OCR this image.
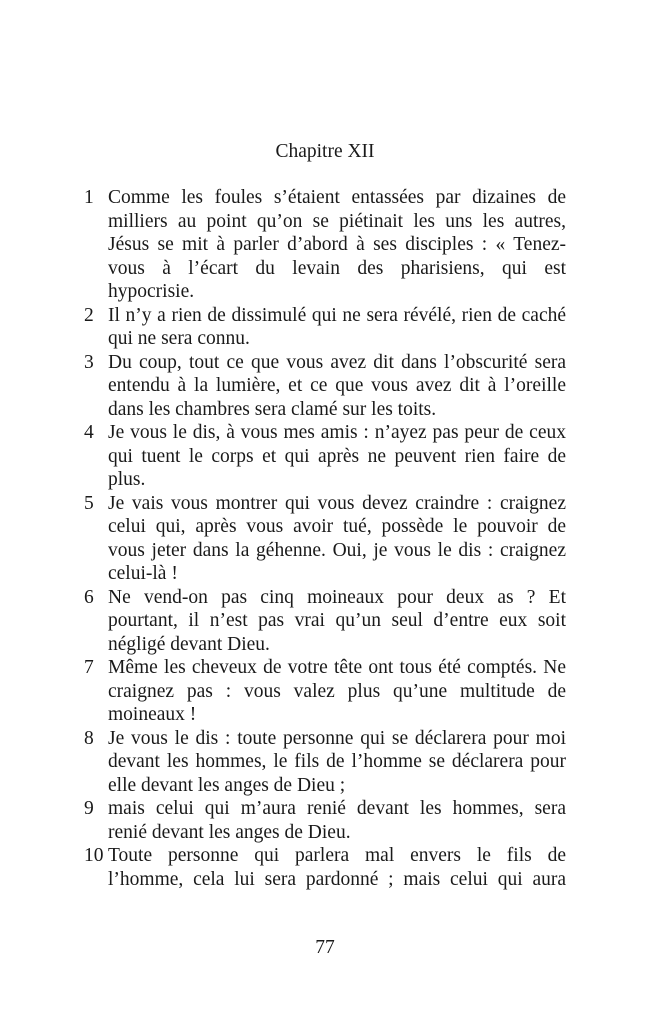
Chapitre XII
1 Comme les foules s’étaient entassées par dizaines de
milliers au point qu’on se piétinait les uns les autres,
Jésus se mit à parler d’abord à ses disciples : « Tenez-
vous à l’écart du levain des pharisiens, qui est
hypocrisie.
2 Il n’y a rien de dissimulé qui ne sera révélé, rien de caché
qui ne sera connu.
3 Du coup, tout ce que vous avez dit dans l’obscurité sera
entendu à la lumière, et ce que vous avez dit à l’oreille
dans les chambres sera clamé sur les toits.
4 Je vous le dis, à vous mes amis : n’ayez pas peur de ceux
qui tuent le corps et qui après ne peuvent rien faire de
plus.
5 Je vais vous montrer qui vous devez craindre : craignez
celui qui, après vous avoir tué, possède le pouvoir de
vous jeter dans la géhenne. Oui, je vous le dis : craignez
celui-là !
6 Ne vend-on pas cinq moineaux pour deux as ? Et
pourtant, il n’est pas vrai qu’un seul d’entre eux soit
négligé devant Dieu.
7 Même les cheveux de votre tête ont tous été comptés. Ne
craignez pas : vous valez plus qu’une multitude de
moineaux !
8 Je vous le dis : toute personne qui se déclarera pour moi
devant les hommes, le fils de l’homme se déclarera pour
elle devant les anges de Dieu ;
9 mais celui qui m’aura renié devant les hommes, sera
renié devant les anges de Dieu.
10 Toute personne qui parlera mal envers le fils de
l’homme, cela lui sera pardonné ; mais celui qui aura
77
